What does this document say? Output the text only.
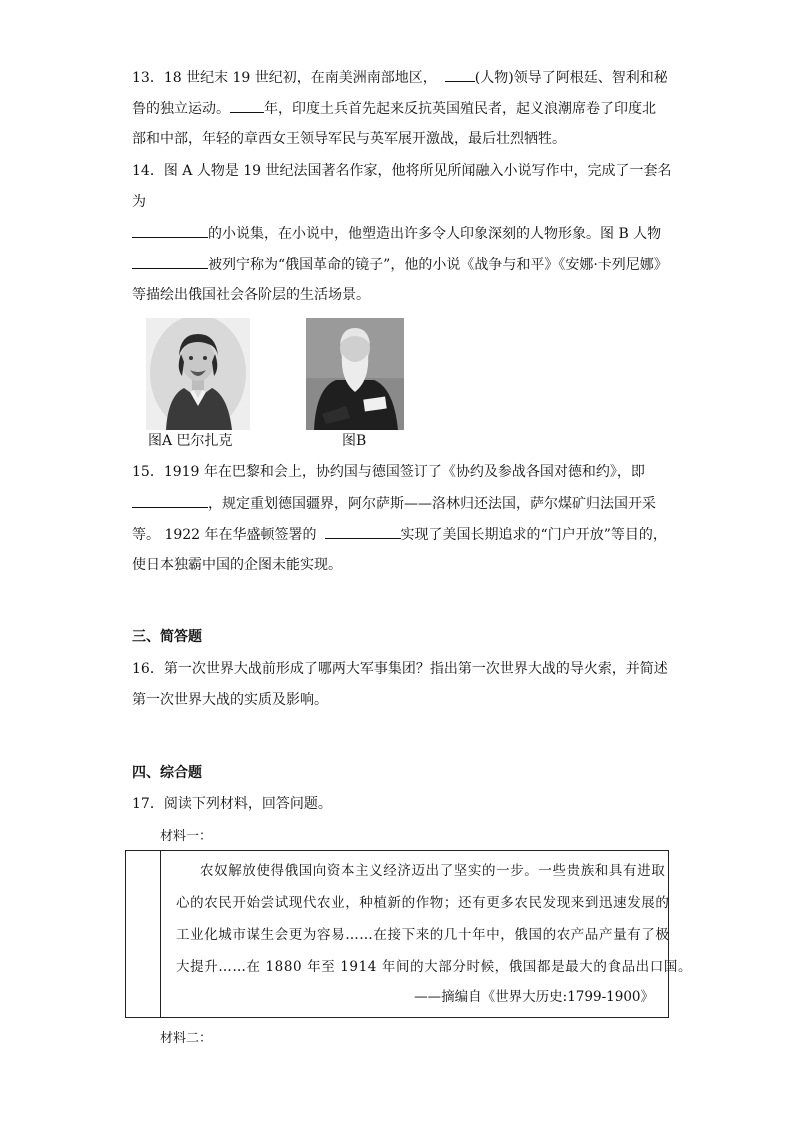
13．18 世纪末 19 世纪初，在南美洲南部地区，	(人物)领导了阿根廷、智利和秘
鲁的独立运动。 年，印度土兵首先起来反抗英国殖民者，起义浪潮席卷了印度北
部和中部，年轻的章西女王领导军民与英军展开激战，最后壮烈牺牲。
14．图 A 人物是 19 世纪法国著名作家，他将所见所闻融入小说写作中，完成了一套名
为
的小说集，在小说中，他塑造出许多令人印象深刻的人物形象。图 B 人物
被列宁称为“俄国革命的镜子”，他的小说《战争与和平》《安娜·卡列尼娜》
等描绘出俄国社会各阶层的生活场景。
图A 巴尔扎克	图B
15．1919 年在巴黎和会上，协约国与德国签订了《协约及参战各国对德和约》，即
，规定重划德国疆界，阿尔萨斯——洛林归还法国，萨尔煤矿归法国开采
等。 1922 年在华盛顿签署的	实现了美国长期追求的“门户开放”等目的，
使日本独霸中国的企图未能实现。
三、简答题
16．第一次世界大战前形成了哪两大军事集团？指出第一次世界大战的导火索，并简述
第一次世界大战的实质及影响。
四、综合题
17．阅读下列材料，回答问题。
材料一：
农奴解放使得俄国向资本主义经济迈出了坚实的一步。一些贵族和具有进取
心的农民开始尝试现代农业，种植新的作物；还有更多农民发现来到迅速发展的
工业化城市谋生会更为容易……在接下来的几十年中，俄国的农产品产量有了极
大提升……在 1880 年至 1914 年间的大部分时候，俄国都是最大的食品出口国。
——摘编自《世界大历史:1799-1900》
材料二：
